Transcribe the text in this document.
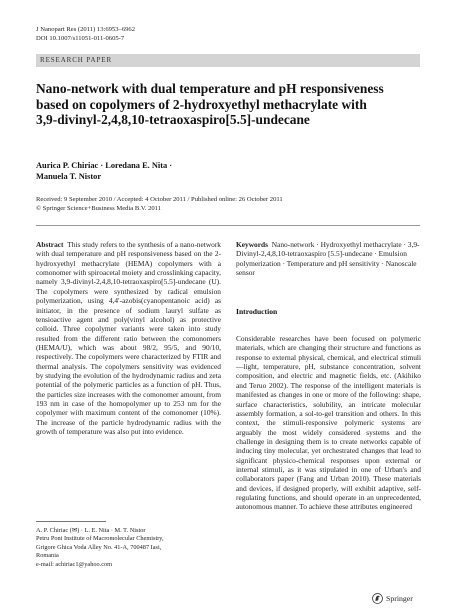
J Nanopart Res (2011) 13:6953–6962
DOI 10.1007/s11051-011-0605-7
RESEARCH PAPER
Nano-network with dual temperature and pH responsiveness based on copolymers of 2-hydroxyethyl methacrylate with 3,9-divinyl-2,4,8,10-tetraoxaspiro[5.5]-undecane
Aurica P. Chiriac · Loredana E. Nita ·
Manuela T. Nistor
Received: 9 September 2010 / Accepted: 4 October 2011 / Published online: 26 October 2011
© Springer Science+Business Media B.V. 2011
Abstract This study refers to the synthesis of a nano-network with dual temperature and pH responsiveness based on the 2-hydroxyethyl methacrylate (HEMA) copolymers with a comonomer with spiroacetal moiety and crosslinking capacity, namely 3,9-divinyl-2,4,8,10-tetraoxaspiro[5.5]-undecane (U). The copolymers were synthesized by radical emulsion polymerization, using 4,4′-azobis(cyanopentanoic acid) as initiator, in the presence of sodium lauryl sulfate as tensioactive agent and poly(vinyl alcohol) as protective colloid. Three copolymer variants were taken into study resulted from the different ratio between the comonomers (HEMA/U), which was about 98/2, 95/5, and 90/10, respectively. The copolymers were characterized by FTIR and thermal analysis. The copolymers sensitivity was evidenced by studying the evolution of the hydrodynamic radius and zeta potential of the polymeric particles as a function of pH. Thus, the particles size increases with the comonomer amount, from 193 nm in case of the homopolymer up to 253 nm for the copolymer with maximum content of the comonomer (10%). The increase of the particle hydrodynamic radius with the growth of temperature was also put into evidence.
Keywords Nano-network · Hydroxyethyl methacrylate · 3,9-Divinyl-2,4,8,10-tetraoxaspiro [5.5]-undecane · Emulsion polymerization · Temperature and pH sensitivity · Nanoscale sensor
Introduction
Considerable researches have been focused on polymeric materials, which are changing their structure and functions as response to external physical, chemical, and electrical stimuli—light, temperature, pH, substance concentration, solvent composition, and electric and magnetic fields, etc. (Akihiko and Teruo 2002). The response of the intelligent materials is manifested as changes in one or more of the following: shape, surface characteristics, solubility, an intricate molecular assembly formation, a sol-to-gel transition and others. In this context, the stimuli-responsive polymeric systems are arguably the most widely considered systems and the challenge in designing them is to create networks capable of inducing tiny molecular, yet orchestrated changes that lead to significant physico-chemical responses upon external or internal stimuli, as it was stipulated in one of Urban's and collaborators paper (Fang and Urban 2010). These materials and devices, if designed properly, will exhibit adaptive, self-regulating functions, and should operate in an unprecedented, autonomous manner. To achieve these attributes engineered
A. P. Chiriac (✉) · L. E. Nita · M. T. Nistor
Petru Poni Institute of Macromolecular Chemistry,
Grigore Ghica Voda Alley No. 41-A, 700487 Iasi,
Romania
e-mail: achiriac1@yahoo.com
Springer
